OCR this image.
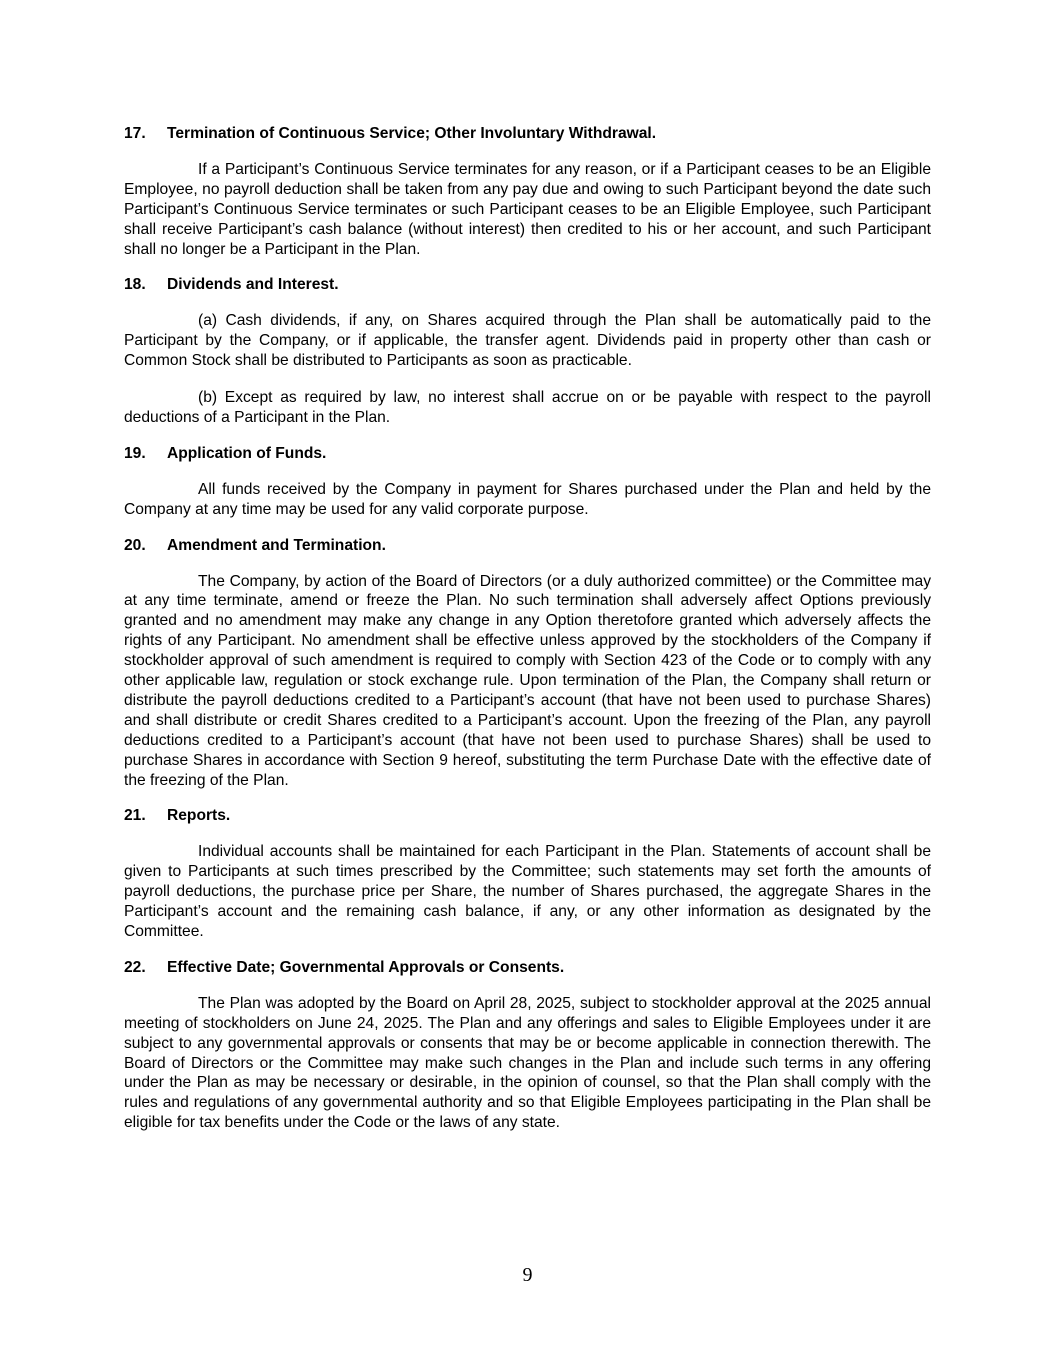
17.	Termination of Continuous Service; Other Involuntary Withdrawal.

If a Participant’s Continuous Service terminates for any reason, or if a Participant ceases to be an Eligible Employee, no payroll deduction shall be taken from any pay due and owing to such Participant beyond the date such Participant’s Continuous Service terminates or such Participant ceases to be an Eligible Employee, such Participant shall receive Participant’s cash balance (without interest) then credited to his or her account, and such Participant shall no longer be a Participant in the Plan.

18.	Dividends and Interest.

(a) Cash dividends, if any, on Shares acquired through the Plan shall be automatically paid to the Participant by the Company, or if applicable, the transfer agent. Dividends paid in property other than cash or Common Stock shall be distributed to Participants as soon as practicable.

(b) Except as required by law, no interest shall accrue on or be payable with respect to the payroll deductions of a Participant in the Plan.

19.	Application of Funds.

All funds received by the Company in payment for Shares purchased under the Plan and held by the Company at any time may be used for any valid corporate purpose.

20.	Amendment and Termination.

The Company, by action of the Board of Directors (or a duly authorized committee) or the Committee may at any time terminate, amend or freeze the Plan. No such termination shall adversely affect Options previously granted and no amendment may make any change in any Option theretofore granted which adversely affects the rights of any Participant. No amendment shall be effective unless approved by the stockholders of the Company if stockholder approval of such amendment is required to comply with Section 423 of the Code or to comply with any other applicable law, regulation or stock exchange rule. Upon termination of the Plan, the Company shall return or distribute the payroll deductions credited to a Participant’s account (that have not been used to purchase Shares) and shall distribute or credit Shares credited to a Participant’s account. Upon the freezing of the Plan, any payroll deductions credited to a Participant’s account (that have not been used to purchase Shares) shall be used to purchase Shares in accordance with Section 9 hereof, substituting the term Purchase Date with the effective date of the freezing of the Plan.

21.	Reports.

Individual accounts shall be maintained for each Participant in the Plan. Statements of account shall be given to Participants at such times prescribed by the Committee; such statements may set forth the amounts of payroll deductions, the purchase price per Share, the number of Shares purchased, the aggregate Shares in the Participant’s account and the remaining cash balance, if any, or any other information as designated by the Committee.

22.	Effective Date; Governmental Approvals or Consents.

The Plan was adopted by the Board on April 28, 2025, subject to stockholder approval at the 2025 annual meeting of stockholders on June 24, 2025. The Plan and any offerings and sales to Eligible Employees under it are subject to any governmental approvals or consents that may be or become applicable in connection therewith. The Board of Directors or the Committee may make such changes in the Plan and include such terms in any offering under the Plan as may be necessary or desirable, in the opinion of counsel, so that the Plan shall comply with the rules and regulations of any governmental authority and so that Eligible Employees participating in the Plan shall be eligible for tax benefits under the Code or the laws of any state.

9
